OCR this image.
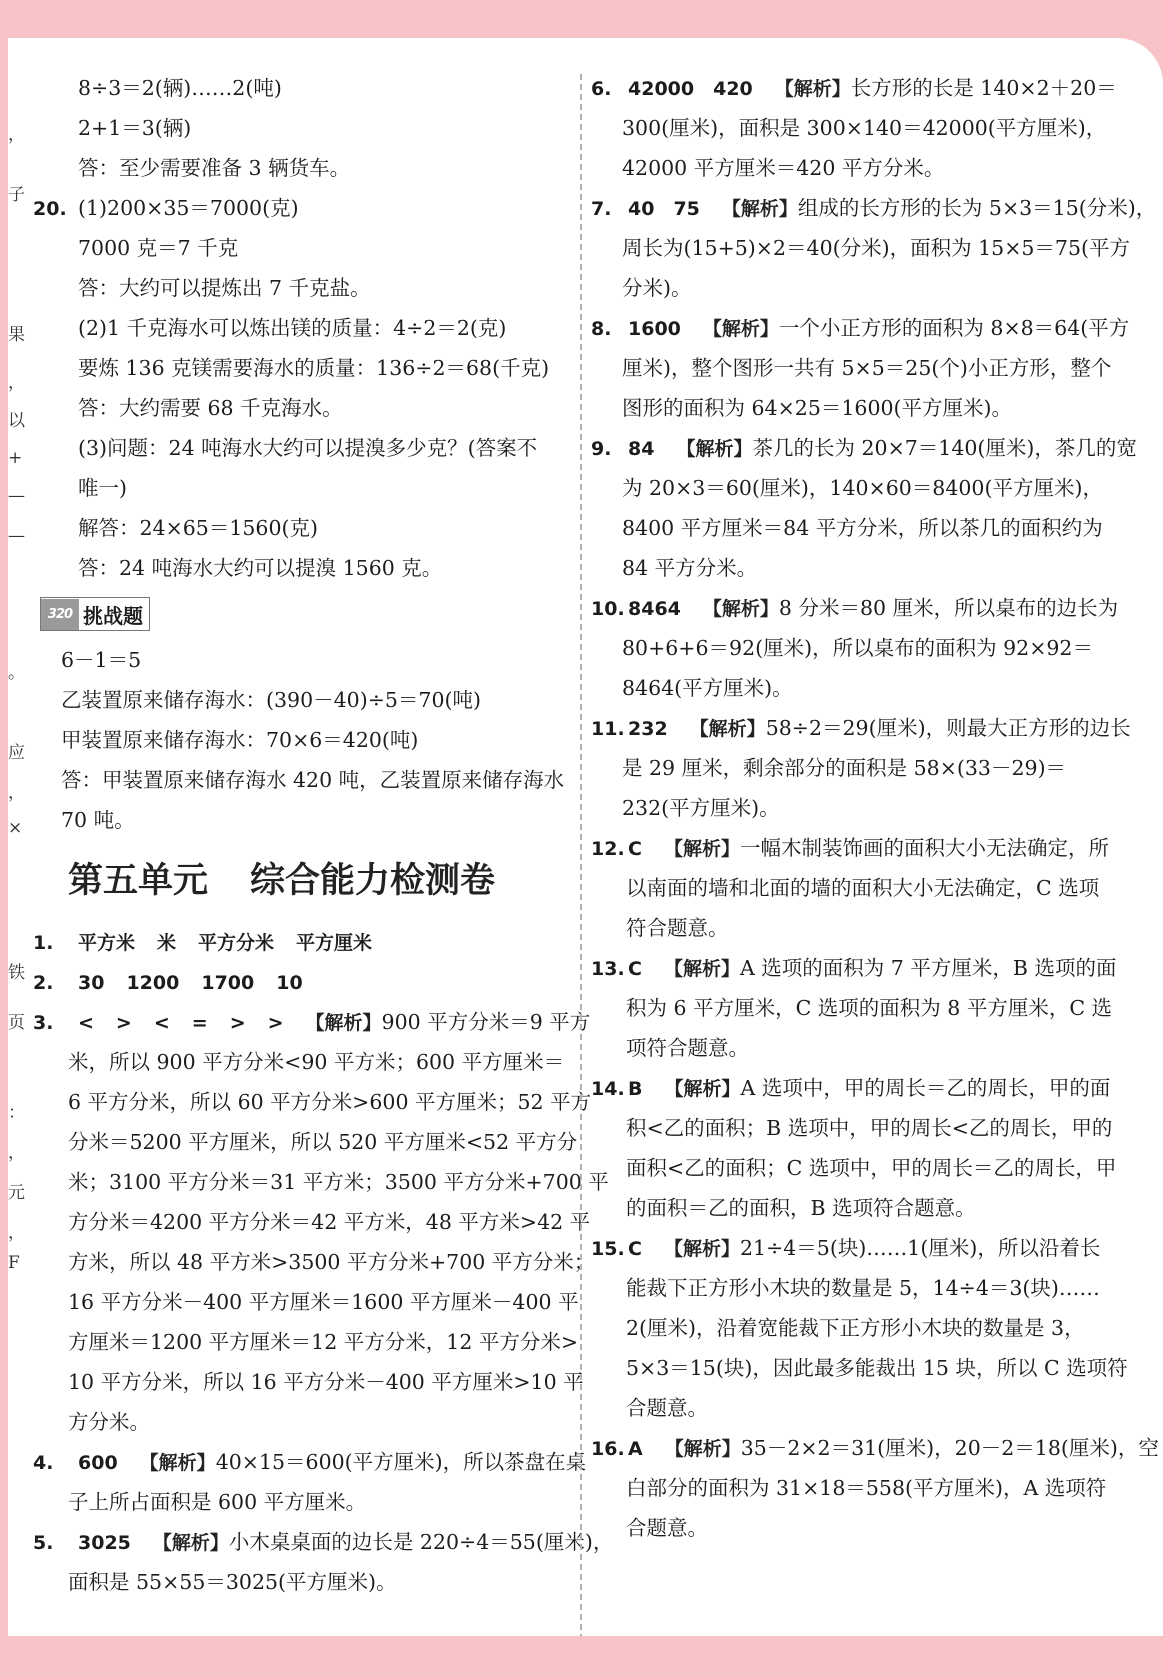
，
子
果
，
以
+
—
—
。
应
，
×
铁
页
：
，
元
，
F
8÷3＝2(辆)……2(吨)
2+1＝3(辆)
答：至少需要准备 3 辆货车。
20. (1)200×35＝7000(克)
7000 克＝7 千克
答：大约可以提炼出 7 千克盐。
(2)1 千克海水可以炼出镁的质量：4÷2＝2(克)
要炼 136 克镁需要海水的质量：136÷2＝68(千克)
答：大约需要 68 千克海水。
(3)问题：24 吨海水大约可以提溴多少克？(答案不
唯一)
解答：24×65＝1560(克)
答：24 吨海水大约可以提溴 1560 克。
320 挑战题
6－1＝5
乙装置原来储存海水：(390－40)÷5＝70(吨)
甲装置原来储存海水：70×6＝420(吨)
答：甲装置原来储存海水 420 吨，乙装置原来储存海水
70 吨。
第五单元 综合能力检测卷
1. 平方米 米 平方分米 平方厘米
2. 30 1200 1700 10
3. < > < = > > 【解析】900 平方分米＝9 平方
米，所以 900 平方分米<90 平方米；600 平方厘米＝
6 平方分米，所以 60 平方分米>600 平方厘米；52 平方
分米＝5200 平方厘米，所以 520 平方厘米<52 平方分
米；3100 平方分米＝31 平方米；3500 平方分米+700 平
方分米＝4200 平方分米＝42 平方米，48 平方米>42 平
方米，所以 48 平方米>3500 平方分米+700 平方分米；
16 平方分米－400 平方厘米＝1600 平方厘米－400 平
方厘米＝1200 平方厘米＝12 平方分米，12 平方分米>
10 平方分米，所以 16 平方分米－400 平方厘米>10 平
方分米。
4. 600 【解析】40×15＝600(平方厘米)，所以茶盘在桌
子上所占面积是 600 平方厘米。
5. 3025 【解析】小木桌桌面的边长是 220÷4＝55(厘米)，
面积是 55×55＝3025(平方厘米)。
6. 42000　420 【解析】长方形的长是 140×2＋20＝
300(厘米)，面积是 300×140＝42000(平方厘米)，
42000 平方厘米＝420 平方分米。
7. 40　75 【解析】组成的长方形的长为 5×3＝15(分米)，
周长为(15+5)×2＝40(分米)，面积为 15×5＝75(平方
分米)。
8. 1600 【解析】一个小正方形的面积为 8×8＝64(平方
厘米)，整个图形一共有 5×5＝25(个)小正方形，整个
图形的面积为 64×25＝1600(平方厘米)。
9. 84 【解析】茶几的长为 20×7＝140(厘米)，茶几的宽
为 20×3＝60(厘米)，140×60＝8400(平方厘米)，
8400 平方厘米＝84 平方分米，所以茶几的面积约为
84 平方分米。
10. 8464 【解析】8 分米＝80 厘米，所以桌布的边长为
80+6+6＝92(厘米)，所以桌布的面积为 92×92＝
8464(平方厘米)。
11. 232 【解析】58÷2＝29(厘米)，则最大正方形的边长
是 29 厘米，剩余部分的面积是 58×(33－29)＝
232(平方厘米)。
12. C 【解析】一幅木制装饰画的面积大小无法确定，所
以南面的墙和北面的墙的面积大小无法确定，C 选项
符合题意。
13. C 【解析】A 选项的面积为 7 平方厘米，B 选项的面
积为 6 平方厘米，C 选项的面积为 8 平方厘米，C 选
项符合题意。
14. B 【解析】A 选项中，甲的周长＝乙的周长，甲的面
积<乙的面积；B 选项中，甲的周长<乙的周长，甲的
面积<乙的面积；C 选项中，甲的周长＝乙的周长，甲
的面积＝乙的面积，B 选项符合题意。
15. C 【解析】21÷4＝5(块)……1(厘米)，所以沿着长
能裁下正方形小木块的数量是 5，14÷4＝3(块)……
2(厘米)，沿着宽能裁下正方形小木块的数量是 3，
5×3＝15(块)，因此最多能裁出 15 块，所以 C 选项符
合题意。
16. A 【解析】35－2×2＝31(厘米)，20－2＝18(厘米)，空
白部分的面积为 31×18＝558(平方厘米)，A 选项符
合题意。
